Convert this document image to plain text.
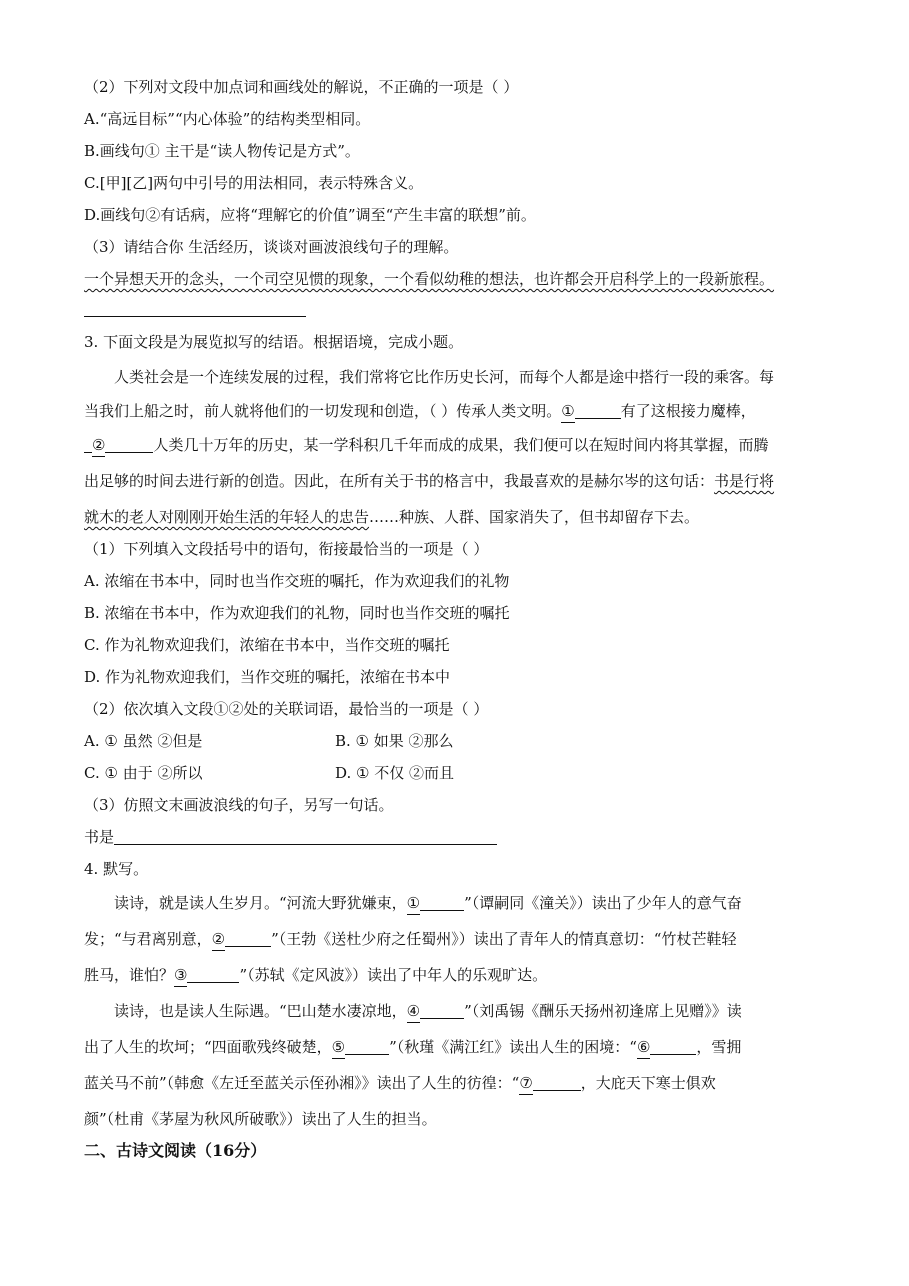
（2）下列对文段中加点词和画线处的解说，不正确的一项是（ ）
A.“高远目标”“内心体验”的结构类型相同。
B.画线句① 主干是“读人物传记是方式”。
C.[甲][乙]两句中引号的用法相同，表示特殊含义。
D.画线句②有话病，应将“理解它的价值”调至“产生丰富的联想”前。
（3）请结合你 生活经历，谈谈对画波浪线句子的理解。
一个异想天开的念头，一个司空见惯的现象，一个看似幼稚的想法，也许都会开启科学上的一段新旅程。
3. 下面文段是为展览拟写的结语。根据语境，完成小题。
人类社会是一个连续发展的过程，我们常将它比作历史长河，而每个人都是途中搭行一段的乘客。每
当我们上船之时，前人就将他们的一切发现和创造，（ ）传承人类文明。①	有了这根接力魔棒，
②	人类几十万年的历史，某一学科积几千年而成的成果，我们便可以在短时间内将其掌握，而腾
出足够的时间去进行新的创造。因此，在所有关于书的格言中，我最喜欢的是赫尔岑的这句话：书是行将
就木的老人对刚刚开始生活的年轻人的忠告……种族、人群、国家消失了，但书却留存下去。
（1）下列填入文段括号中的语句，衔接最恰当的一项是（ ）
A. 浓缩在书本中，同时也当作交班的嘱托，作为欢迎我们的礼物
B. 浓缩在书本中，作为欢迎我们的礼物，同时也当作交班的嘱托
C. 作为礼物欢迎我们，浓缩在书本中，当作交班的嘱托
D. 作为礼物欢迎我们，当作交班的嘱托，浓缩在书本中
（2）依次填入文段①②处的关联词语，最恰当的一项是（ ）
A. ① 虽然 ②但是	B. ① 如果 ②那么
C. ① 由于 ②所以	D. ① 不仅 ②而且
（3）仿照文末画波浪线的句子，另写一句话。
书是
4. 默写。
读诗，就是读人生岁月。“河流大野犹嫌束，①	”（谭嗣同《潼关》）读出了少年人的意气奋
发；“与君离别意，②	”（王勃《送杜少府之任蜀州》）读出了青年人的情真意切：“竹杖芒鞋轻
胜马，谁怕？③	”（苏轼《定风波》）读出了中年人的乐观旷达。
读诗，也是读人生际遇。“巴山楚水凄凉地，④	”（刘禹锡《酬乐天扬州初逢席上见赠》》读
出了人生的坎坷；“四面歌残终破楚，⑤	”（秋瑾《满江红》读出人生的困境：“⑥	，雪拥
蓝关马不前”（韩愈《左迁至蓝关示侄孙湘》》读出了人生的彷徨：“⑦	，大庇天下寒士俱欢
颜”（杜甫《茅屋为秋风所破歌》）读出了人生的担当。
二、古诗文阅读（16分）
